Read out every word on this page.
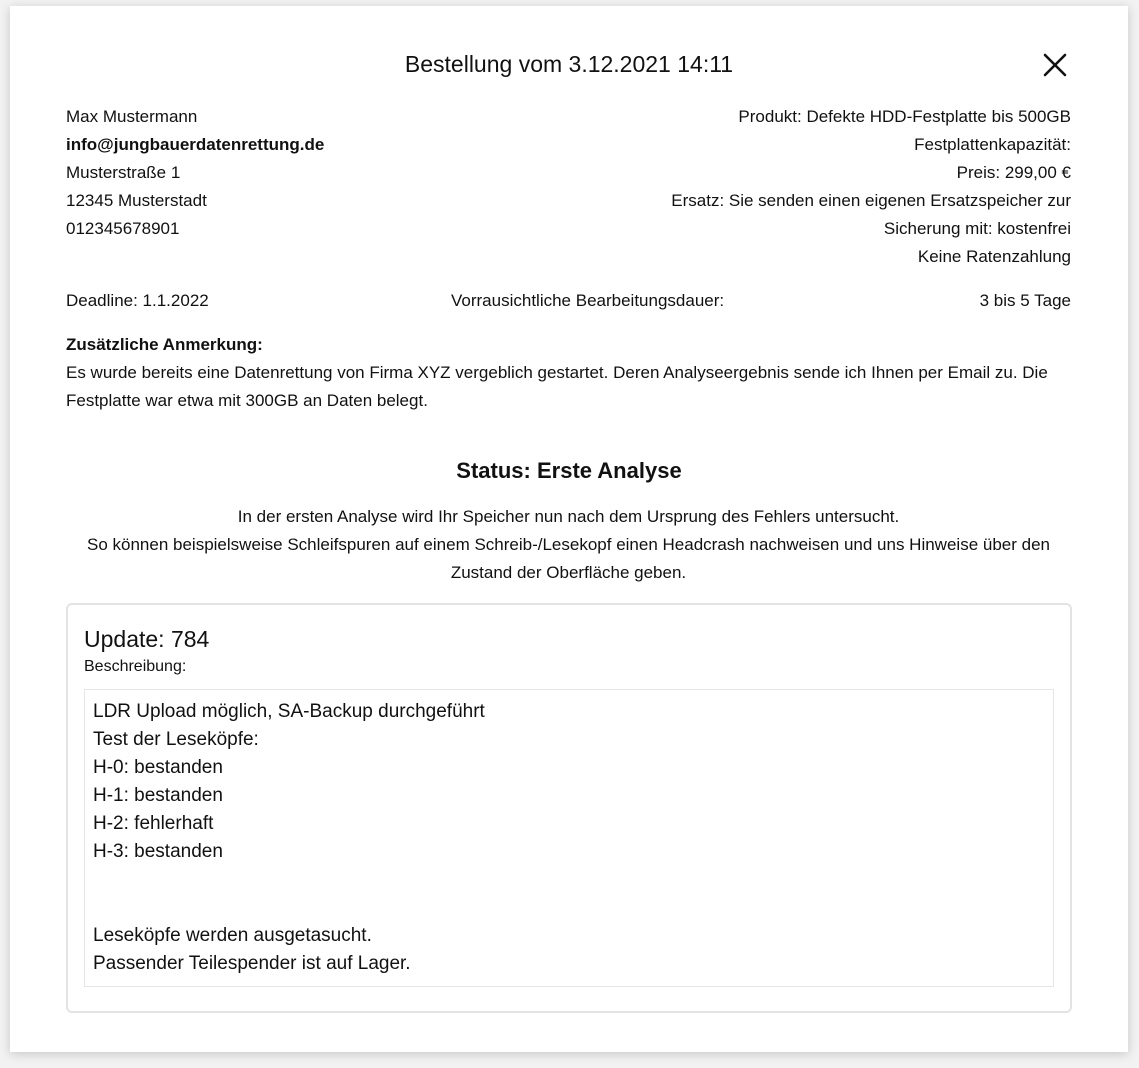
Bestellung vom 3.12.2021 14:11
Max Mustermann
info@jungbauerdatenrettung.de
Musterstraße 1
12345 Musterstadt
012345678901
Produkt: Defekte HDD-Festplatte bis 500GB
Festplattenkapazität:
Preis: 299,00 €
Ersatz: Sie senden einen eigenen Ersatzspeicher zur
Sicherung mit: kostenfrei
Keine Ratenzahlung
Deadline: 1.1.2022	Vorrausichtliche Bearbeitungsdauer:	3 bis 5 Tage
Zusätzliche Anmerkung:
Es wurde bereits eine Datenrettung von Firma XYZ vergeblich gestartet. Deren Analyseergebnis sende ich Ihnen per Email zu. Die Festplatte war etwa mit 300GB an Daten belegt.
Status: Erste Analyse
In der ersten Analyse wird Ihr Speicher nun nach dem Ursprung des Fehlers untersucht.
So können beispielsweise Schleifspuren auf einem Schreib-/Lesekopf einen Headcrash nachweisen und uns Hinweise über den Zustand der Oberfläche geben.
Update: 784
Beschreibung:
LDR Upload möglich, SA-Backup durchgeführt
Test der Leseköpfe:
H-0: bestanden
H-1: bestanden
H-2: fehlerhaft
H-3: bestanden
Leseköpfe werden ausgetasucht.
Passender Teilespender ist auf Lager.
